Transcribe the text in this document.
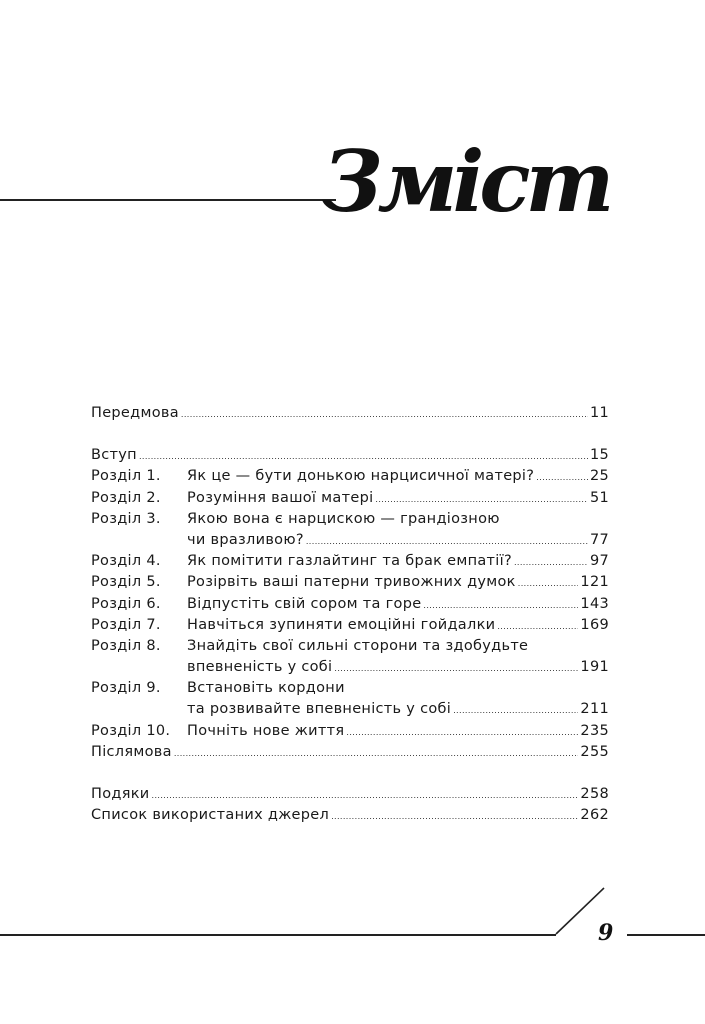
Зміст
Передмова .....	11
Вступ .....	15
Розділ 1.	Як це — бути донькою нарцисичної матері? .....	25
Розділ 2.	Розуміння вашої матері .....	51
Розділ 3.	Якою вона є нарцискою — грандіозною
чи вразливою? .....	77
Розділ 4.	Як помітити газлайтинг та брак емпатії? .....	97
Розділ 5.	Розірвіть ваші патерни тривожних думок .....	121
Розділ 6.	Відпустіть свій сором та горе .....	143
Розділ 7.	Навчіться зупиняти емоційні гойдалки .....	169
Розділ 8.	Знайдіть свої сильні сторони та здобудьте
впевненість у собі .....	191
Розділ 9.	Встановіть кордони
та розвивайте впевненість у собі .....	211
Розділ 10.	Почніть нове життя .....	235
Післямова .....	255
Подяки .....	258
Список використаних джерел .....	262
9
